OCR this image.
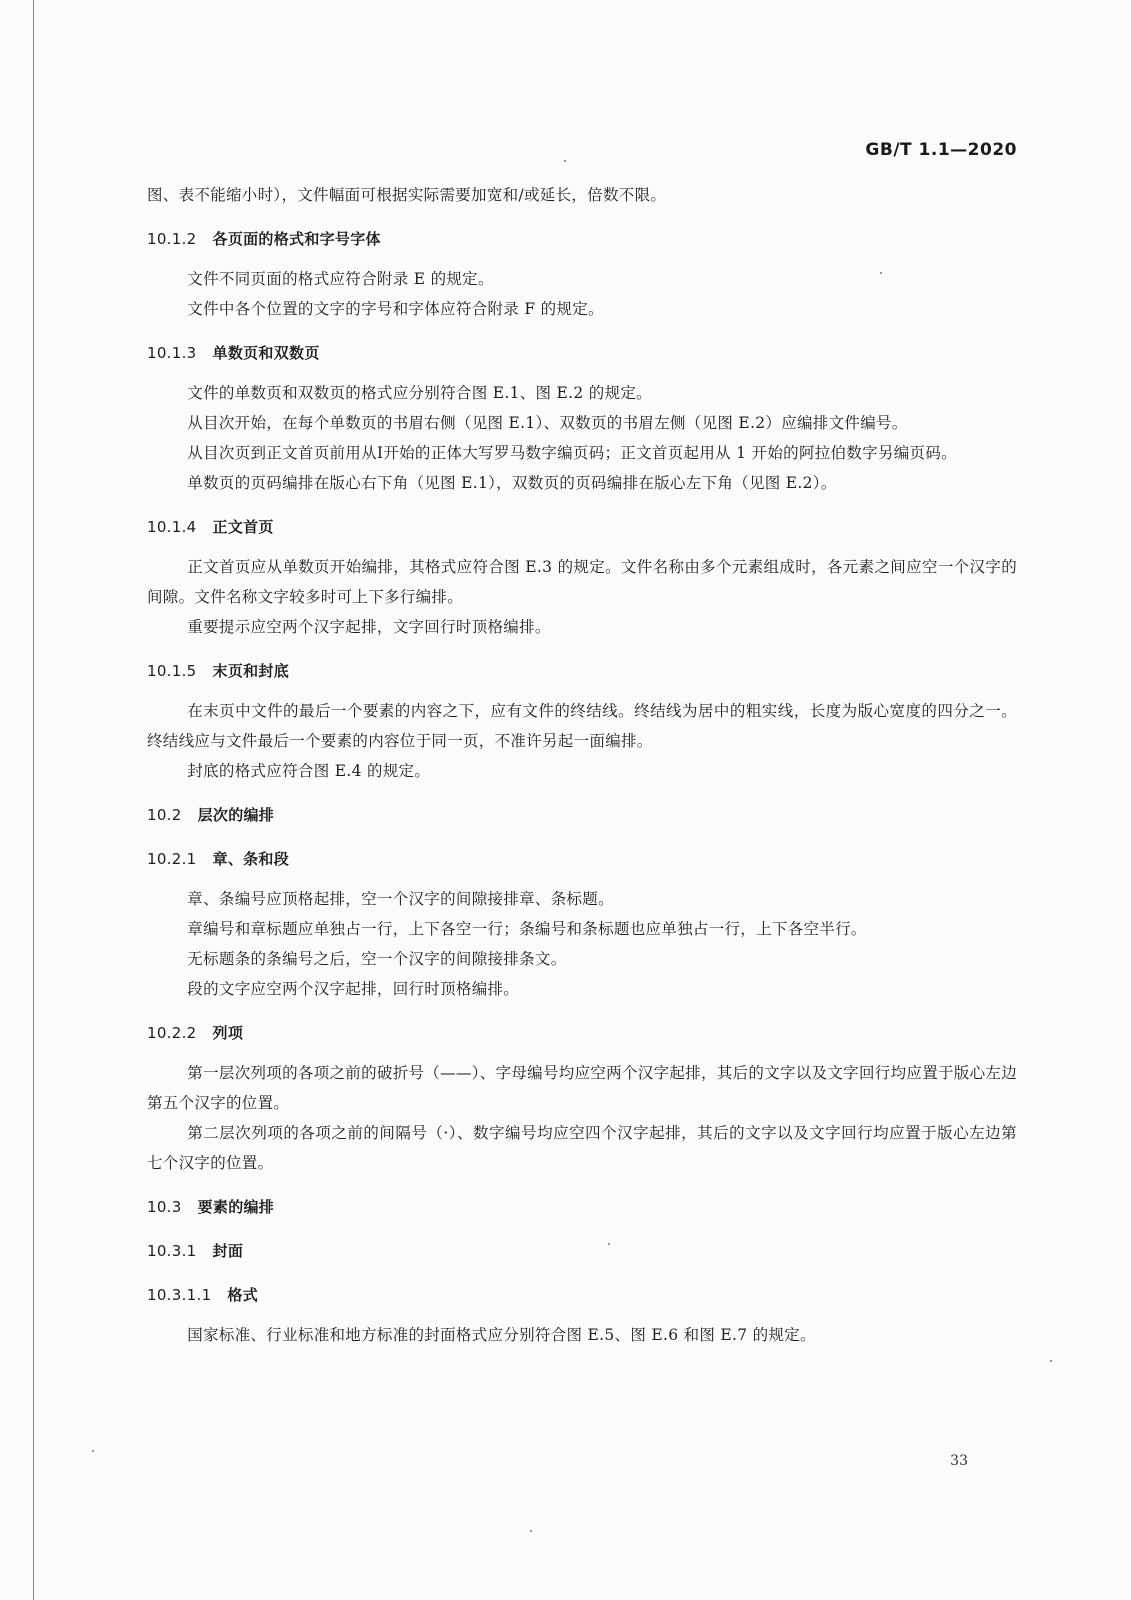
GB/T 1.1—2020

图、表不能缩小时），文件幅面可根据实际需要加宽和/或延长，倍数不限。

10.1.2 各页面的格式和字号字体

文件不同页面的格式应符合附录 E 的规定。

文件中各个位置的文字的字号和字体应符合附录 F 的规定。

10.1.3 单数页和双数页

文件的单数页和双数页的格式应分别符合图 E.1、图 E.2 的规定。

从目次开始，在每个单数页的书眉右侧（见图 E.1）、双数页的书眉左侧（见图 E.2）应编排文件编号。

从目次页到正文首页前用从Ⅰ开始的正体大写罗马数字编页码；正文首页起用从 1 开始的阿拉伯数字另编页码。

单数页的页码编排在版心右下角（见图 E.1），双数页的页码编排在版心左下角（见图 E.2）。

10.1.4 正文首页

正文首页应从单数页开始编排，其格式应符合图 E.3 的规定。文件名称由多个元素组成时，各元素之间应空一个汉字的间隙。文件名称文字较多时可上下多行编排。

重要提示应空两个汉字起排，文字回行时顶格编排。

10.1.5 末页和封底

在末页中文件的最后一个要素的内容之下，应有文件的终结线。终结线为居中的粗实线，长度为版心宽度的四分之一。终结线应与文件最后一个要素的内容位于同一页，不准许另起一面编排。

封底的格式应符合图 E.4 的规定。

10.2 层次的编排
10.2.1 章、条和段

章、条编号应顶格起排，空一个汉字的间隙接排章、条标题。

章编号和章标题应单独占一行，上下各空一行；条编号和条标题也应单独占一行，上下各空半行。

无标题条的条编号之后，空一个汉字的间隙接排条文。

段的文字应空两个汉字起排，回行时顶格编排。

10.2.2 列项

第一层次列项的各项之前的破折号（——）、字母编号均应空两个汉字起排，其后的文字以及文字回行均应置于版心左边第五个汉字的位置。

第二层次列项的各项之前的间隔号（·）、数字编号均应空四个汉字起排，其后的文字以及文字回行均应置于版心左边第七个汉字的位置。

10.3 要素的编排
10.3.1 封面
10.3.1.1 格式

国家标准、行业标准和地方标准的封面格式应分别符合图 E.5、图 E.6 和图 E.7 的规定。

33
